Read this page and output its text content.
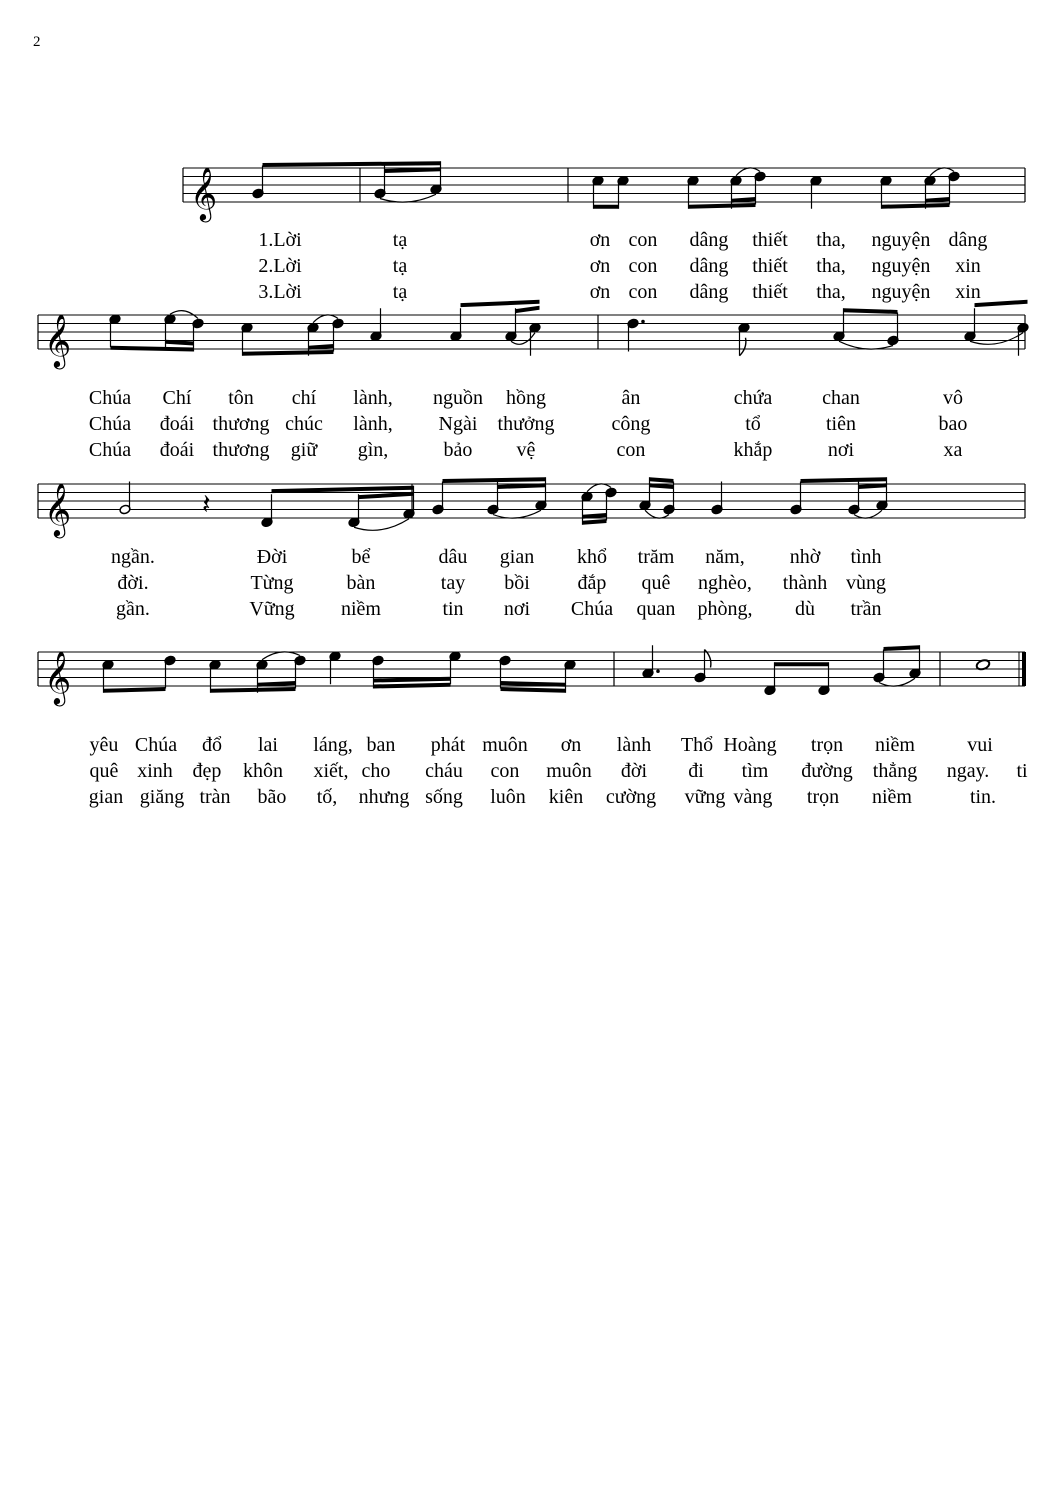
2
𝄞
𝄞
𝄞	𝄽
𝄞
1.Lời	tạ	ơn con dâng thiết tha, nguyện dâng
2.Lời	tạ	ơn con dâng thiết tha, nguyện xin
3.Lời	tạ	ơn con dâng thiết tha, nguyện xin
Chúa Chí tôn chí lành, nguồn hồng	ân	chứa chan	vô
Chúa đoái thương chúc lành, Ngài thưởng	công	tổ	tiên	bao
Chúa đoái thương giữ gìn,	bảo vệ	con	khắp	nơi	xa
ngần.	Đời	bể	dâu gian khổ trăm năm, nhờ tình
đời.	Từng	bàn	tay bồi đắp quê nghèo, thành vùng
gần.	Vững niềm	tin nơi Chúa quan phòng, dù trần
yêu Chúa đổ lai láng, ban phát muôn ơn lành Thổ Hoàng trọn niềm	vui
quê xinh đẹp khôn xiết, cho cháu con muôn đời đi tìm đường thẳng ngay. ti
gian giăng tràn bão tố, nhưng sống luôn kiên cường vững vàng trọn niềm	tin.
